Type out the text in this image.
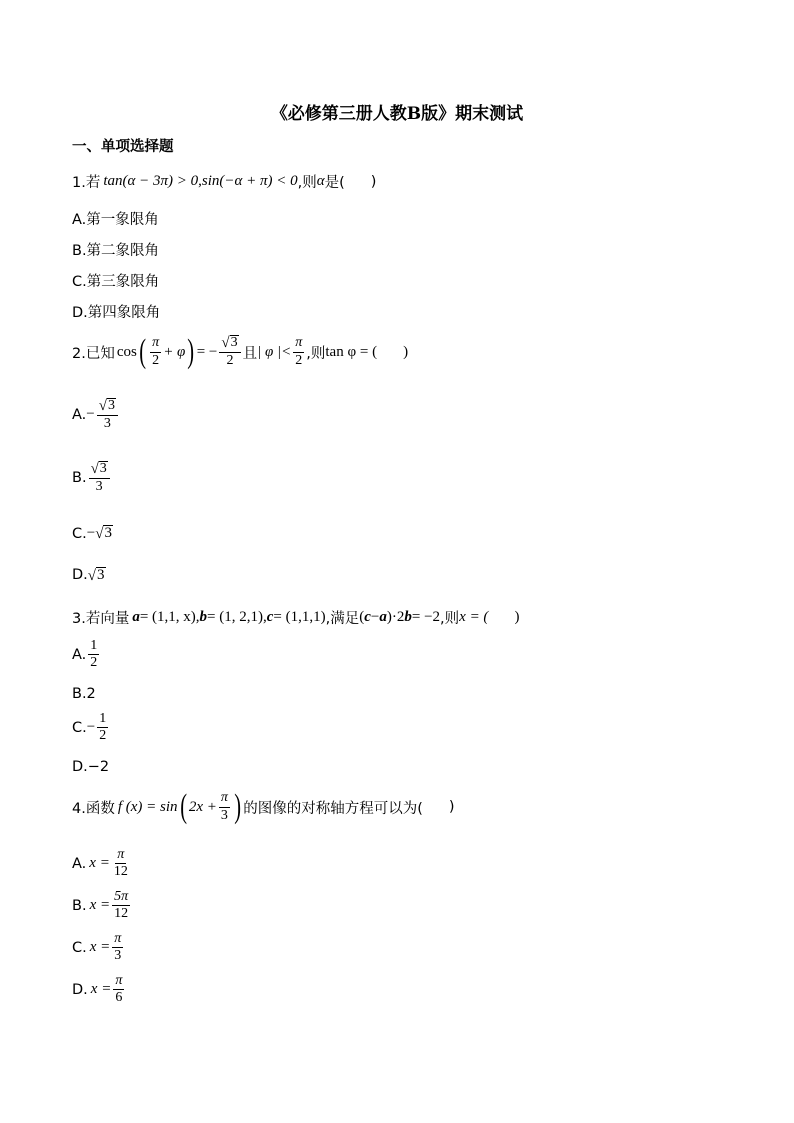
《必修第三册人教B版》期末测试
一、单项选择题
1.若 tan(α − 3π) > 0 , sin(−α + π) < 0 ,则 α 是( )
A.第一象限角
B.第二象限角
C.第三象限角
D.第四象限角
2.已知 cos ( $\frac{\pi}{2} + \varphi$ ) = − $\frac{√ 3}{2}$ 且 | φ |< $\frac{\pi}{2}$ ,则 tan φ = ( )
A. − $\frac{√ 3}{3}$
B. $\frac{√ 3}{3}$
C. − √ 3
D. √ 3
3.若向量 a = (1,1, x), b = (1, 2,1), c = (1,1,1) ,满足 ( c − a ) ·2 b = −2 ,则 x = ( )
A. $\frac{1}{2}$
B.2
C. − $\frac{1}{2}$
D.−2
4.函数 f (x) = sin ( $2x + \frac{\pi}{3}$ ) 的图像的对称轴方程可以为( )
A. $x = \frac{\pi}{12}$
B. $x = \frac{5\pi}{12}$
C. $x = \frac{\pi}{3}$
D. $x = \frac{\pi}{6}$
